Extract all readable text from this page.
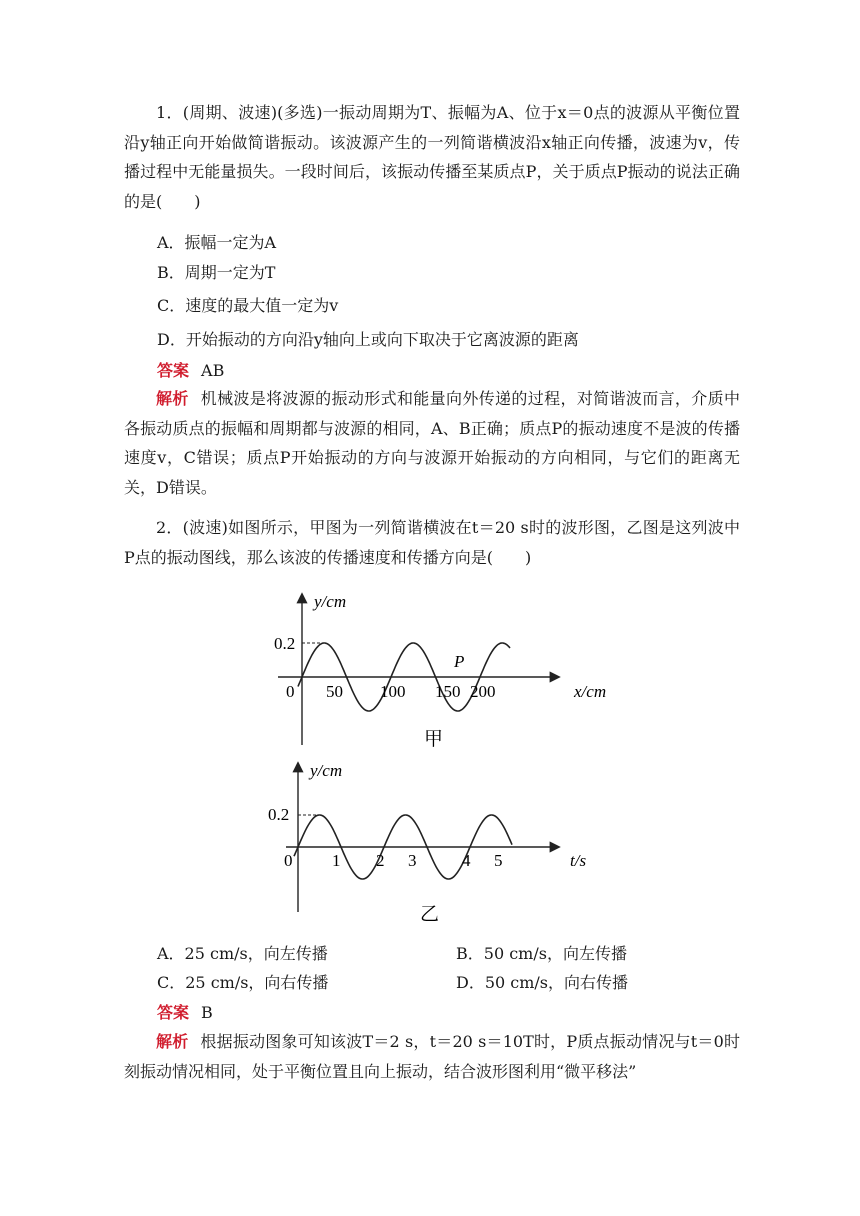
1．(周期、波速)(多选)一振动周期为T、振幅为A、位于x＝0点的波源从平衡位置沿y轴正向开始做简谐振动。该波源产生的一列简谐横波沿x轴正向传播，波速为v，传播过程中无能量损失。一段时间后，该振动传播至某质点P，关于质点P振动的说法正确的是(　　)

A．振幅一定为A
B．周期一定为T
C．速度的最大值一定为v
D．开始振动的方向沿y轴向上或向下取决于它离波源的距离
答案 AB

解析 机械波是将波源的振动形式和能量向外传递的过程，对简谐波而言，介质中各振动质点的振幅和周期都与波源的相同，A、B正确；质点P的振动速度不是波的传播速度v，C错误；质点P开始振动的方向与波源开始振动的方向相同，与它们的距离无关，D错误。

2．(波速)如图所示，甲图为一列简谐横波在t＝20 s时的波形图，乙图是这列波中P点的振动图线，那么该波的传播速度和传播方向是(　　)

y/cm
0.2
0 50 100 150 200
P
x/cm
甲
y/cm
0.2
0 1 2 3	4 5	t/s
乙
A．25 cm/s，向左传播	B．50 cm/s，向左传播
C．25 cm/s，向右传播	D．50 cm/s，向右传播
答案 B

解析 根据振动图象可知该波T＝2 s，t＝20 s＝10T时，P质点振动情况与t＝0时刻振动情况相同，处于平衡位置且向上振动，结合波形图利用“微平移法”
